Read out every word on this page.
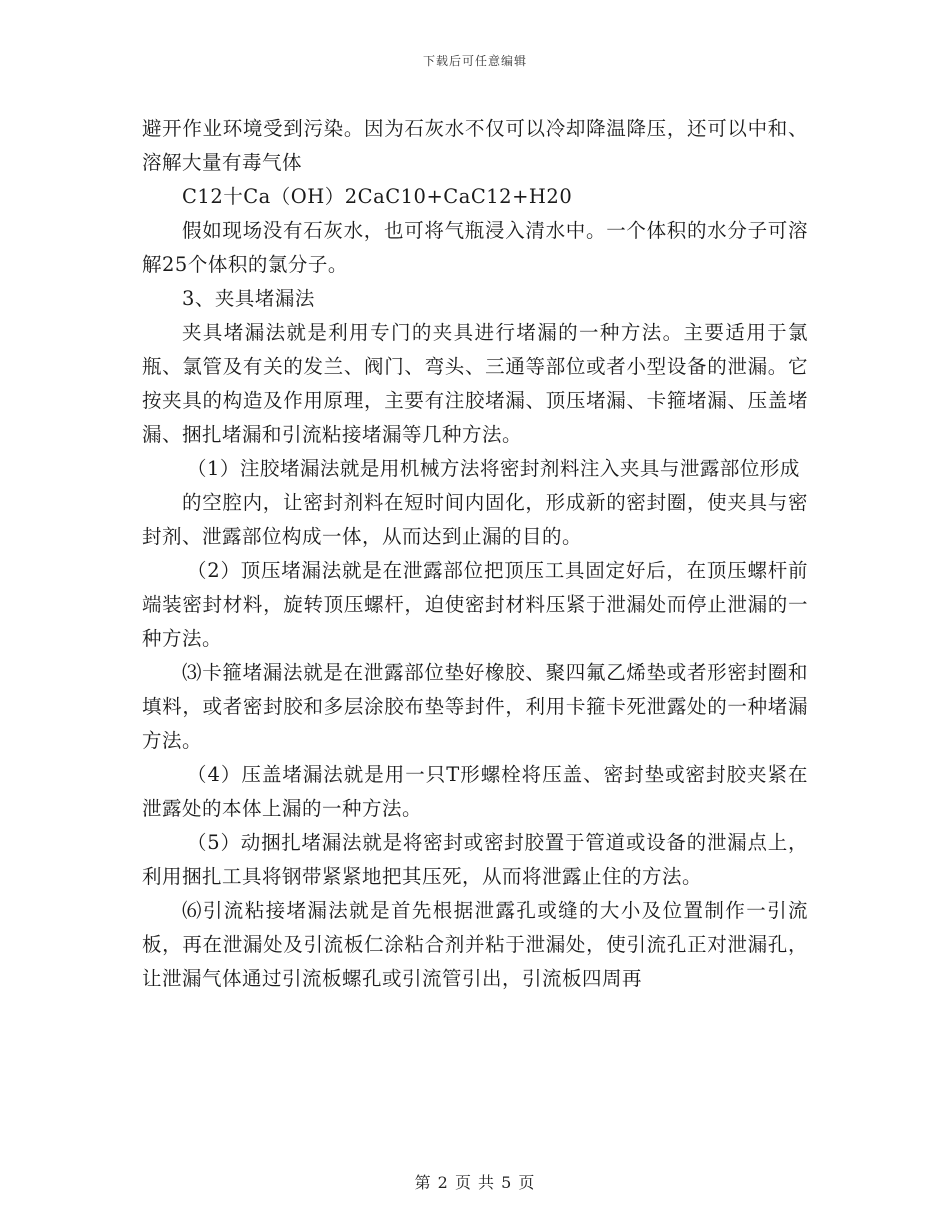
下载后可任意编辑

避开作业环境受到污染。因为石灰水不仅可以冷却降温降压，还可以中和、溶解大量有毒气体

C12十Ca（OH）2CaC10+CaC12+H20

假如现场没有石灰水，也可将气瓶浸入清水中。一个体积的水分子可溶解25个体积的氯分子。

3、夹具堵漏法

夹具堵漏法就是利用专门的夹具进行堵漏的一种方法。主要适用于氯瓶、氯管及有关的发兰、阀门、弯头、三通等部位或者小型设备的泄漏。它按夹具的构造及作用原理，主要有注胶堵漏、顶压堵漏、卡箍堵漏、压盖堵漏、捆扎堵漏和引流粘接堵漏等几种方法。

（1）注胶堵漏法就是用机械方法将密封剂料注入夹具与泄露部位形成

的空腔内，让密封剂料在短时间内固化，形成新的密封圈，使夹具与密封剂、泄露部位构成一体，从而达到止漏的目的。

（2）顶压堵漏法就是在泄露部位把顶压工具固定好后，在顶压螺杆前端装密封材料，旋转顶压螺杆，迫使密封材料压紧于泄漏处而停止泄漏的一种方法。

⑶卡箍堵漏法就是在泄露部位垫好橡胶、聚四氟乙烯垫或者形密封圈和填料，或者密封胶和多层涂胶布垫等封件，利用卡箍卡死泄露处的一种堵漏方法。

（4）压盖堵漏法就是用一只T形螺栓将压盖、密封垫或密封胶夹紧在泄露处的本体上漏的一种方法。

（5）动捆扎堵漏法就是将密封或密封胶置于管道或设备的泄漏点上，利用捆扎工具将钢带紧紧地把其压死，从而将泄露止住的方法。

⑹引流粘接堵漏法就是首先根据泄露孔或缝的大小及位置制作一引流板，再在泄漏处及引流板仁涂粘合剂并粘于泄漏处，使引流孔正对泄漏孔，让泄漏气体通过引流板螺孔或引流管引出，引流板四周再

第 2 页 共 5 页
